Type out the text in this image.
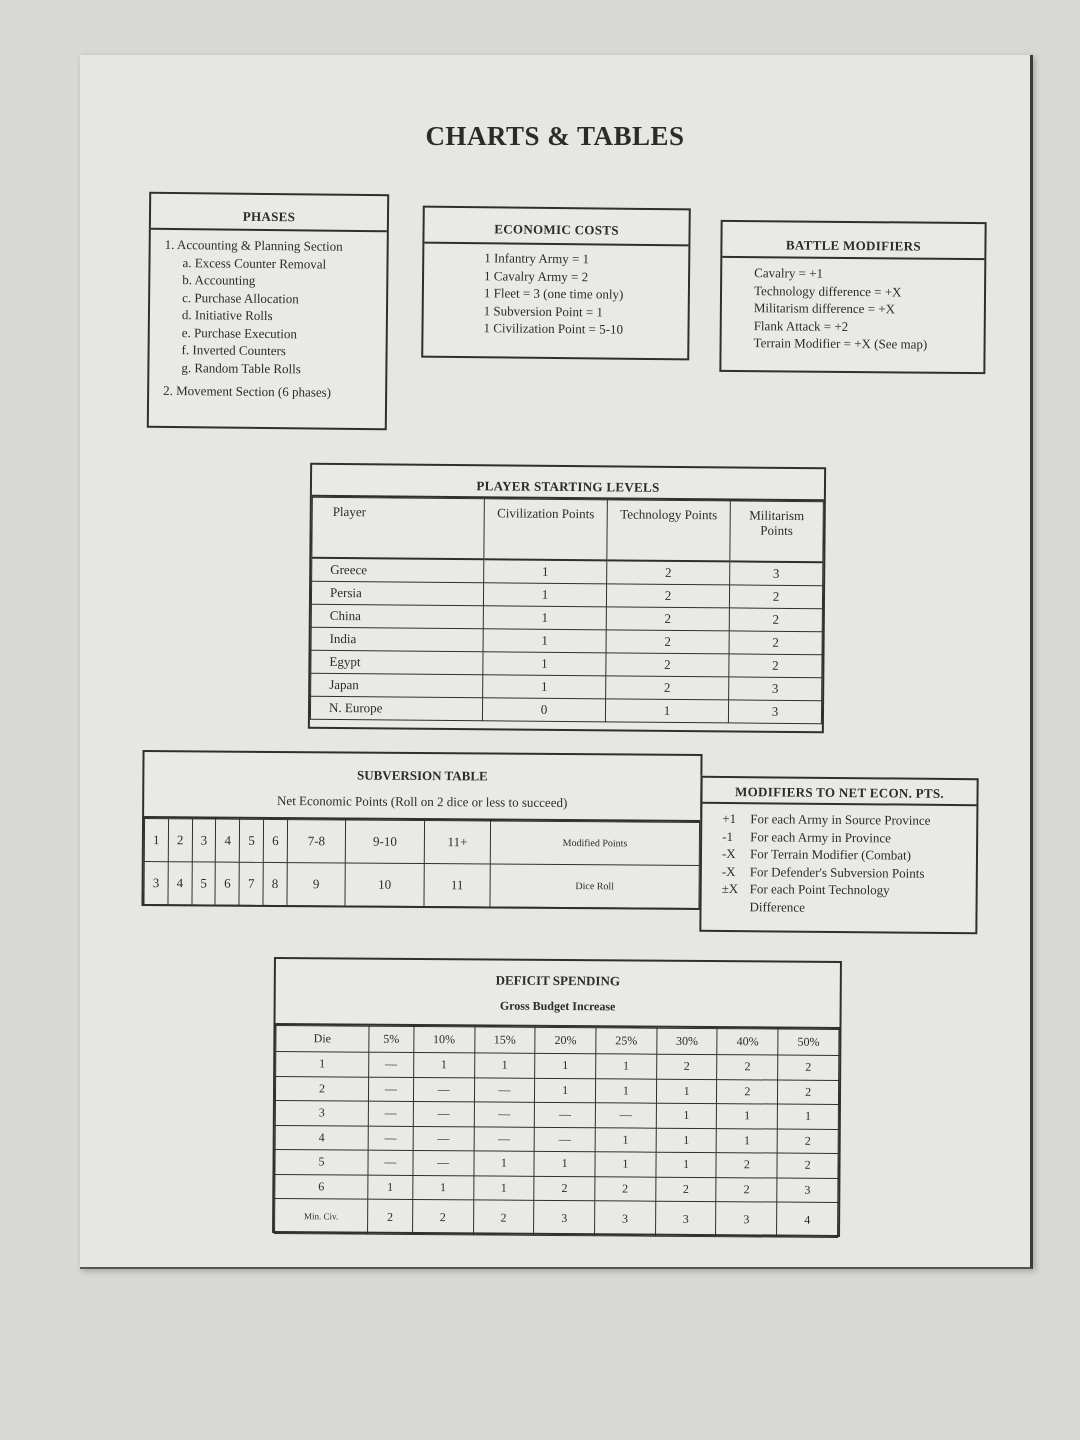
CHARTS & TABLES
PHASES
1. Accounting & Planning Section
a. Excess Counter Removal
b. Accounting
c. Purchase Allocation
d. Initiative Rolls
e. Purchase Execution
f. Inverted Counters
g. Random Table Rolls
2. Movement Section (6 phases)
ECONOMIC COSTS
1 Infantry Army = 1
1 Cavalry Army = 2
1 Fleet = 3 (one time only)
1 Subversion Point = 1
1 Civilization Point = 5-10
BATTLE MODIFIERS
Cavalry = +1
Technology difference = +X
Militarism difference = +X
Flank Attack = +2
Terrain Modifier = +X (See map)
PLAYER STARTING LEVELS
Player	Civilization Points	Technology Points	Militarism Points
Greece	1	2	3
Persia	1	2	2
China	1	2	2
India	1	2	2
Egypt	1	2	2
Japan	1	2	3
N. Europe	0	1	3
SUBVERSION TABLE
Net Economic Points (Roll on 2 dice or less to succeed)
1	2	3	4	5	6	7-8	9-10	11+	Modified Points
3	4	5	6	7	8	9	10	11	Dice Roll
MODIFIERS TO NET ECON. PTS.
+1	For each Army in Source Province
-1	For each Army in Province
-X	For Terrain Modifier (Combat)
-X	For Defender's Subversion Points
±X For each Point Technology
Difference
DEFICIT SPENDING
Gross Budget Increase
Die	5%	10%	15%	20%	25%	30%	40%	50%
1	—	1	1	1	1	2	2	2
2	—	—	—	1	1	1	2	2
3	—	—	—	—	—	1	1	1
4	—	—	—	—	1	1	1	2
5	—	—	1	1	1	1	2	2
6	1	1	1	2	2	2	2	3
Min. Civ.	2	2	2	3	3	3	3	4
